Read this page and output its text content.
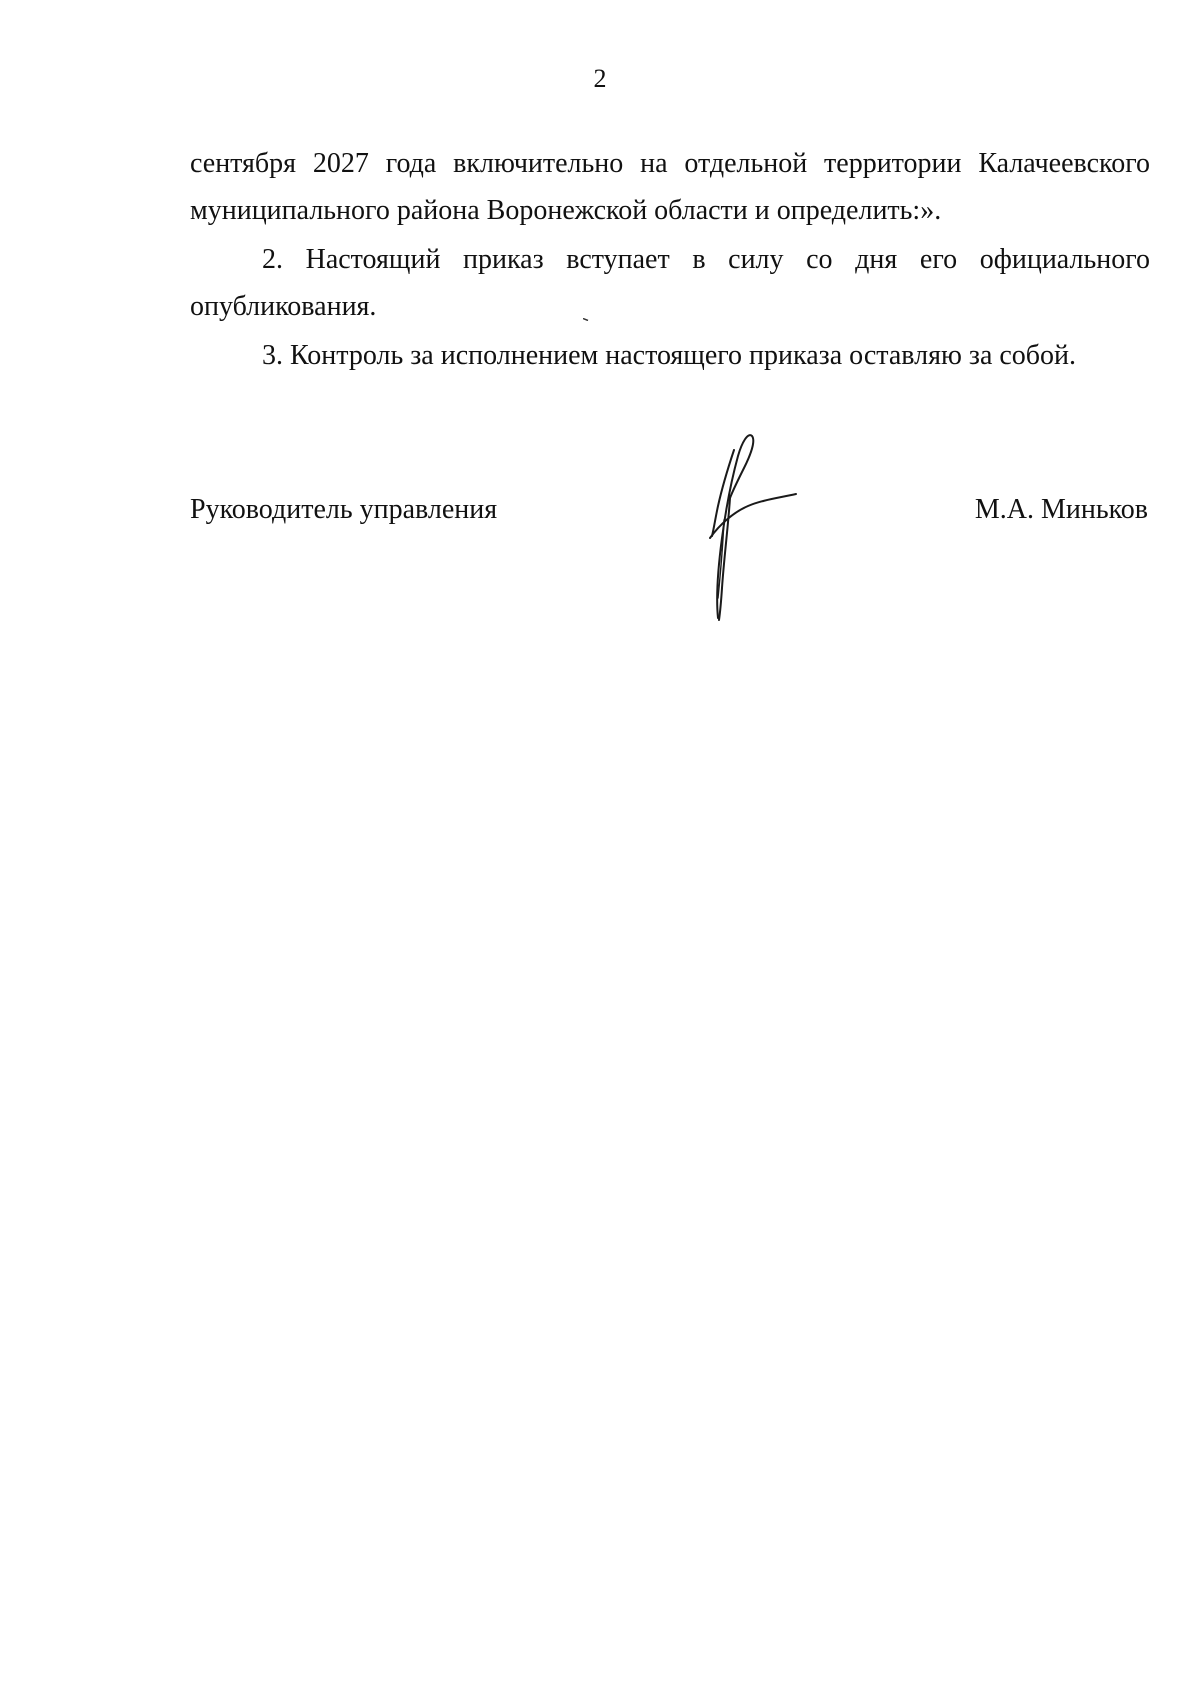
2

сентября 2027 года включительно на отдельной территории Калачеевского муниципального района Воронежской области и определить:».

2. Настоящий приказ вступает в силу со дня его официального опубликования.

3. Контроль за исполнением настоящего приказа оставляю за собой.

Руководитель управления	М.А. Миньков
